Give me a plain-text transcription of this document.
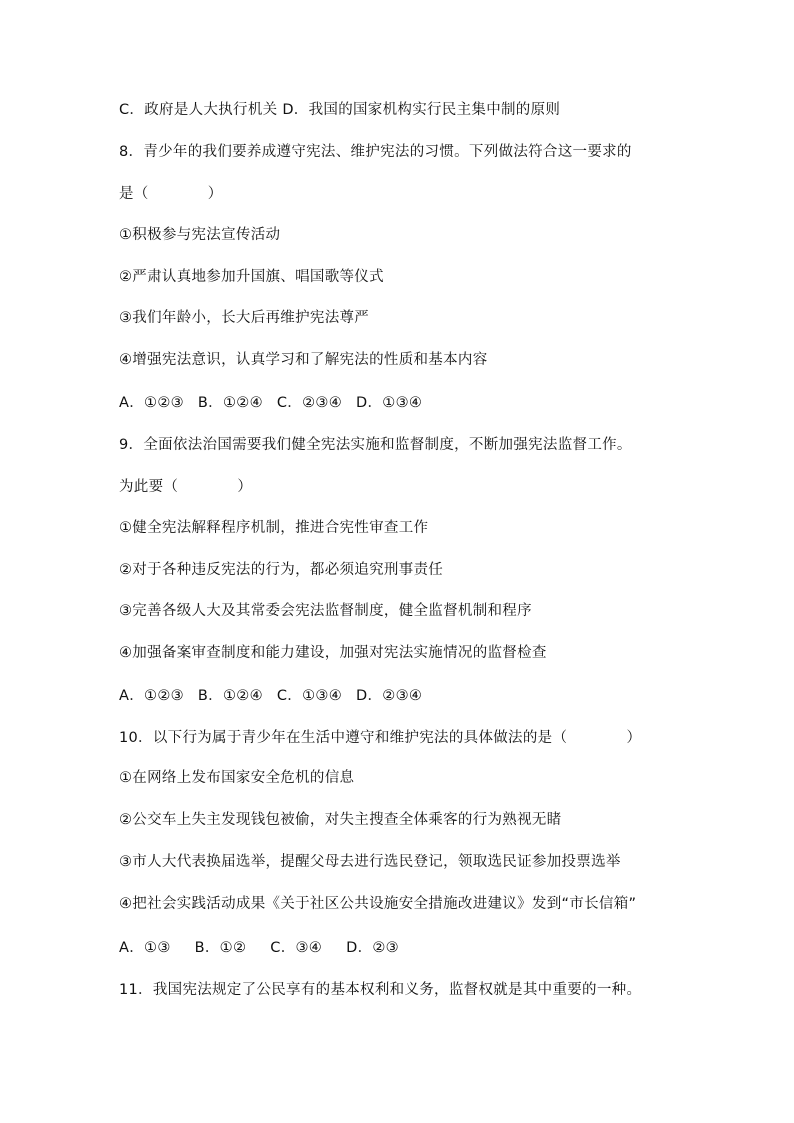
C．政府是人大执行机关 D．我国的国家机构实行民主集中制的原则
8．青少年的我们要养成遵守宪法、维护宪法的习惯。下列做法符合这一要求的
是（　　　　）
①积极参与宪法宣传活动
②严肃认真地参加升国旗、唱国歌等仪式
③我们年龄小，长大后再维护宪法尊严
④增强宪法意识，认真学习和了解宪法的性质和基本内容
A．①②③ B．①②④ C．②③④ D．①③④
9．全面依法治国需要我们健全宪法实施和监督制度，不断加强宪法监督工作。
为此要（　　　　）
①健全宪法解释程序机制，推进合宪性审查工作
②对于各种违反宪法的行为，都必须追究刑事责任
③完善各级人大及其常委会宪法监督制度，健全监督机制和程序
④加强备案审查制度和能力建设，加强对宪法实施情况的监督检查
A．①②③ B．①②④ C．①③④ D．②③④
10．以下行为属于青少年在生活中遵守和维护宪法的具体做法的是（　　　　）
①在网络上发布国家安全危机的信息
②公交车上失主发现钱包被偷，对失主搜查全体乘客的行为熟视无睹
③市人大代表换届选举，提醒父母去进行选民登记，领取选民证参加投票选举
④把社会实践活动成果《关于社区公共设施安全措施改进建议》发到“市长信箱”
A．①③ B．①② C．③④ D．②③
11．我国宪法规定了公民享有的基本权利和义务，监督权就是其中重要的一种。
